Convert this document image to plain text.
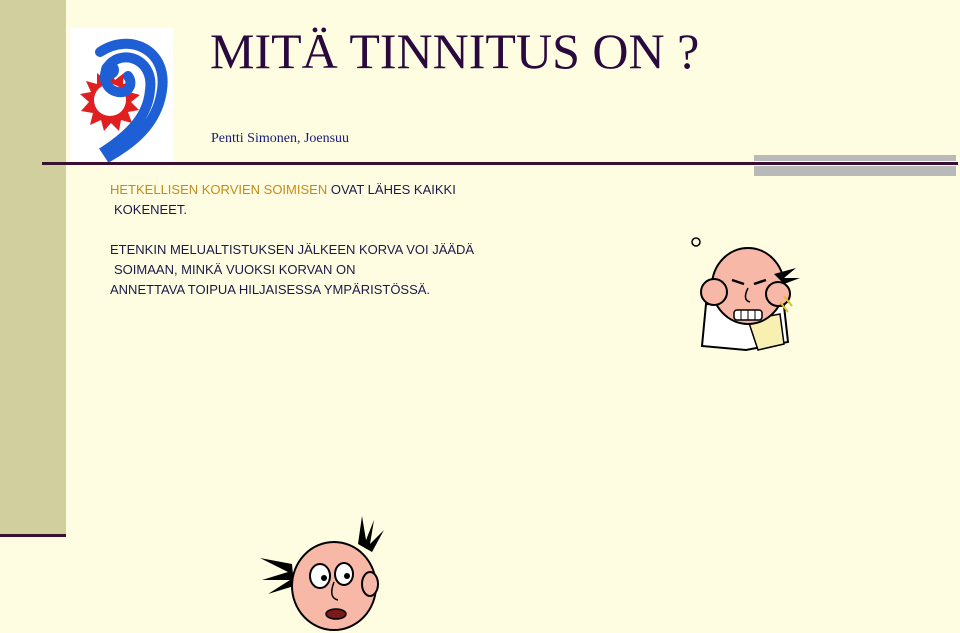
MITÄ TINNITUS ON ?
Pentti Simonen, Joensuu
HETKELLISEN KORVIEN SOIMISEN OVAT LÄHES KAIKKI
KOKENEET.
ETENKIN MELUALTISTUKSEN JÄLKEEN KORVA VOI JÄÄDÄ
SOIMAAN, MINKÄ VUOKSI KORVAN ON
ANNETTAVA TOIPUA HILJAISESSA YMPÄRISTÖSSÄ.
